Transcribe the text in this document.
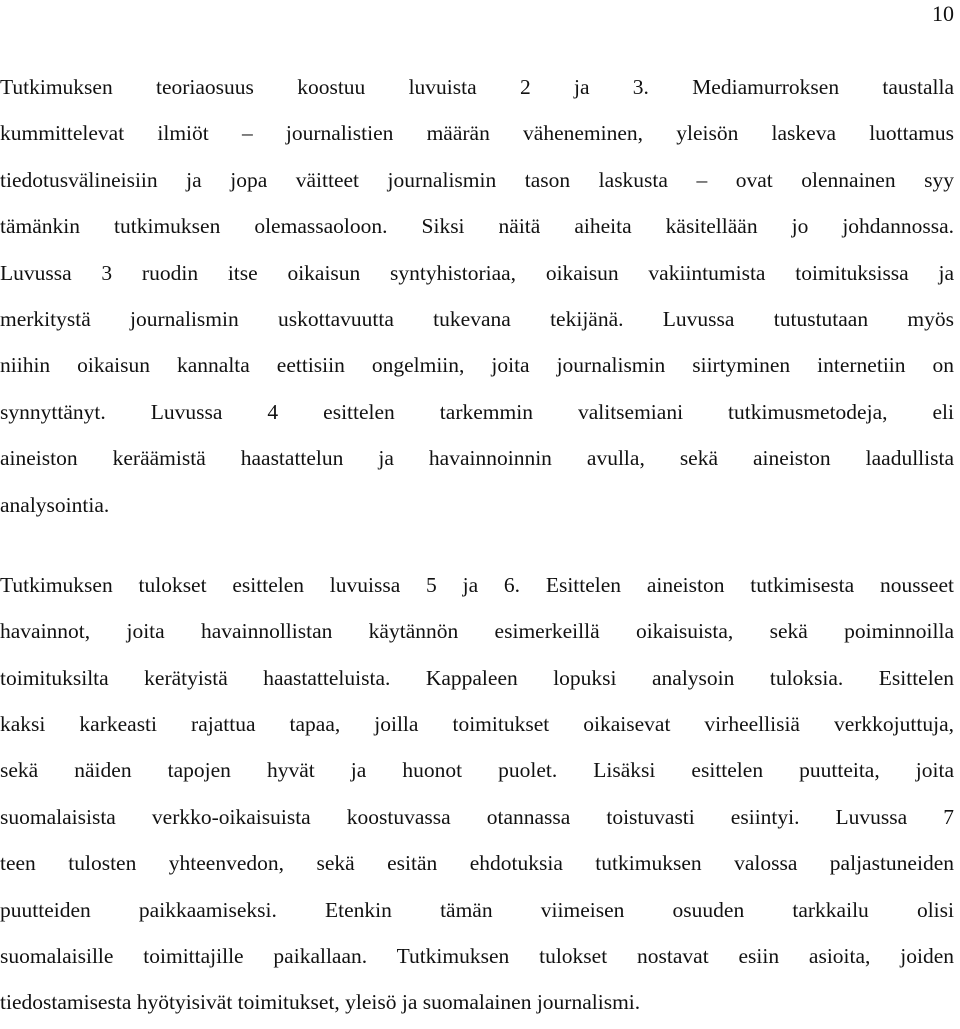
10
Tutkimuksen teoriaosuus koostuu luvuista 2 ja 3. Mediamurroksen taustalla
kummittelevat ilmiöt – journalistien määrän väheneminen, yleisön laskeva luottamus
tiedotusvälineisiin ja jopa väitteet journalismin tason laskusta – ovat olennainen syy
tämänkin tutkimuksen olemassaoloon. Siksi näitä aiheita käsitellään jo johdannossa.
Luvussa 3 ruodin itse oikaisun syntyhistoriaa, oikaisun vakiintumista toimituksissa ja
merkitystä journalismin uskottavuutta tukevana tekijänä. Luvussa tutustutaan myös
niihin oikaisun kannalta eettisiin ongelmiin, joita journalismin siirtyminen internetiin on
synnyttänyt. Luvussa 4 esittelen tarkemmin valitsemiani tutkimusmetodeja, eli
aineiston keräämistä haastattelun ja havainnoinnin avulla, sekä aineiston laadullista
analysointia.
Tutkimuksen tulokset esittelen luvuissa 5 ja 6. Esittelen aineiston tutkimisesta nousseet
havainnot, joita havainnollistan käytännön esimerkeillä oikaisuista, sekä poiminnoilla
toimituksilta kerätyistä haastatteluista. Kappaleen lopuksi analysoin tuloksia. Esittelen
kaksi karkeasti rajattua tapaa, joilla toimitukset oikaisevat virheellisiä verkkojuttuja,
sekä näiden tapojen hyvät ja huonot puolet. Lisäksi esittelen puutteita, joita
suomalaisista verkko-oikaisuista koostuvassa otannassa toistuvasti esiintyi. Luvussa 7
teen tulosten yhteenvedon, sekä esitän ehdotuksia tutkimuksen valossa paljastuneiden
puutteiden paikkaamiseksi. Etenkin tämän viimeisen osuuden tarkkailu olisi
suomalaisille toimittajille paikallaan. Tutkimuksen tulokset nostavat esiin asioita, joiden
tiedostamisesta hyötyisivät toimitukset, yleisö ja suomalainen journalismi.
